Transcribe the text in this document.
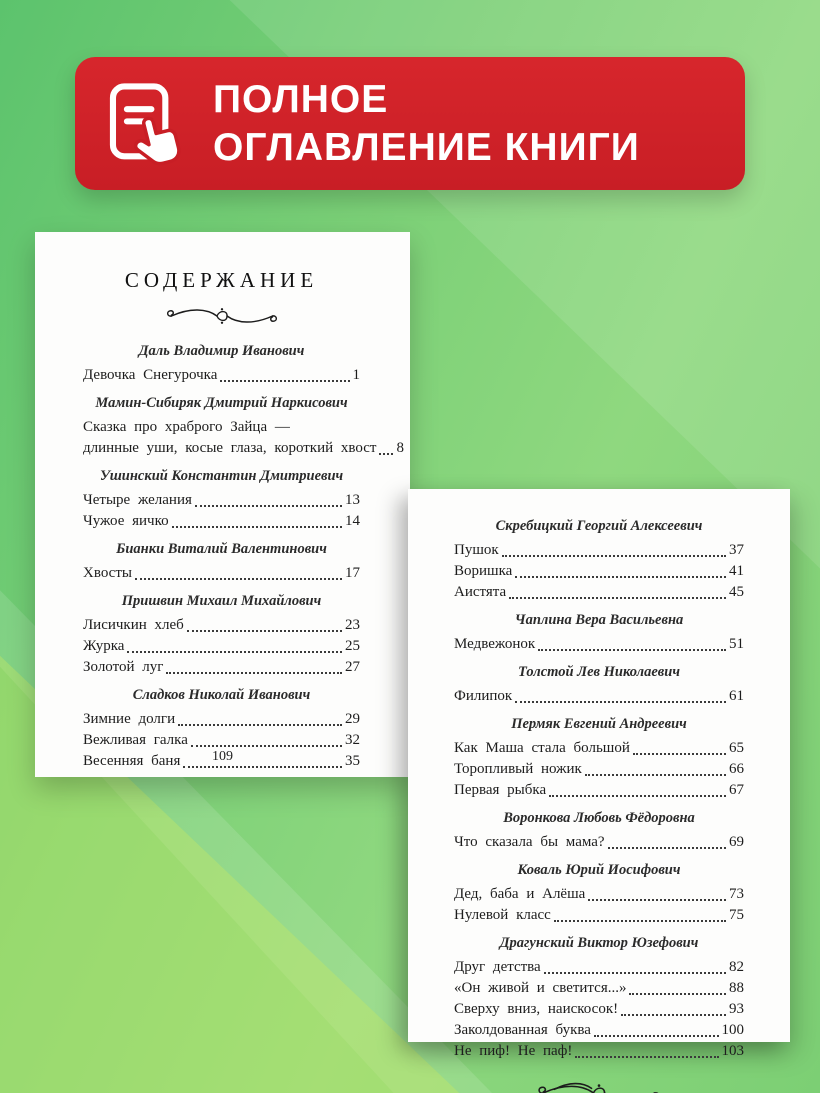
ПОЛНОЕ
ОГЛАВЛЕНИЕ КНИГИ
СОДЕРЖАНИЕ
Даль Владимир Иванович
Девочка Снегурочка	1
Мамин-Сибиряк Дмитрий Наркисович
Сказка про храброго Зайца —
длинные уши, косые глаза, короткий хвост 8
Ушинский Константин Дмитриевич
Четыре желания	13
Чужое яичко	14
Бианки Виталий Валентинович
Хвосты	17
Пришвин Михаил Михайлович
Лисичкин хлеб	23
Журка	25
Золотой луг	27
Сладков Николай Иванович
Зимние долги	29
Вежливая галка	32
Весенняя баня	35
109
Скребицкий Георгий Алексеевич
Пушок	37
Воришка	41
Аистята	45
Чаплина Вера Васильевна
Медвежонок	51
Толстой Лев Николаевич
Филипок	61
Пермяк Евгений Андреевич
Как Маша стала большой	65
Торопливый ножик	66
Первая рыбка	67
Воронкова Любовь Фёдоровна
Что сказала бы мама?	69
Коваль Юрий Иосифович
Дед, баба и Алёша	73
Нулевой класс	75
Драгунский Виктор Юзефович
Друг детства	82
«Он живой и светится...»	88
Сверху вниз, наискосок!	93
Заколдованная буква	100
Не пиф! Не паф!	103
